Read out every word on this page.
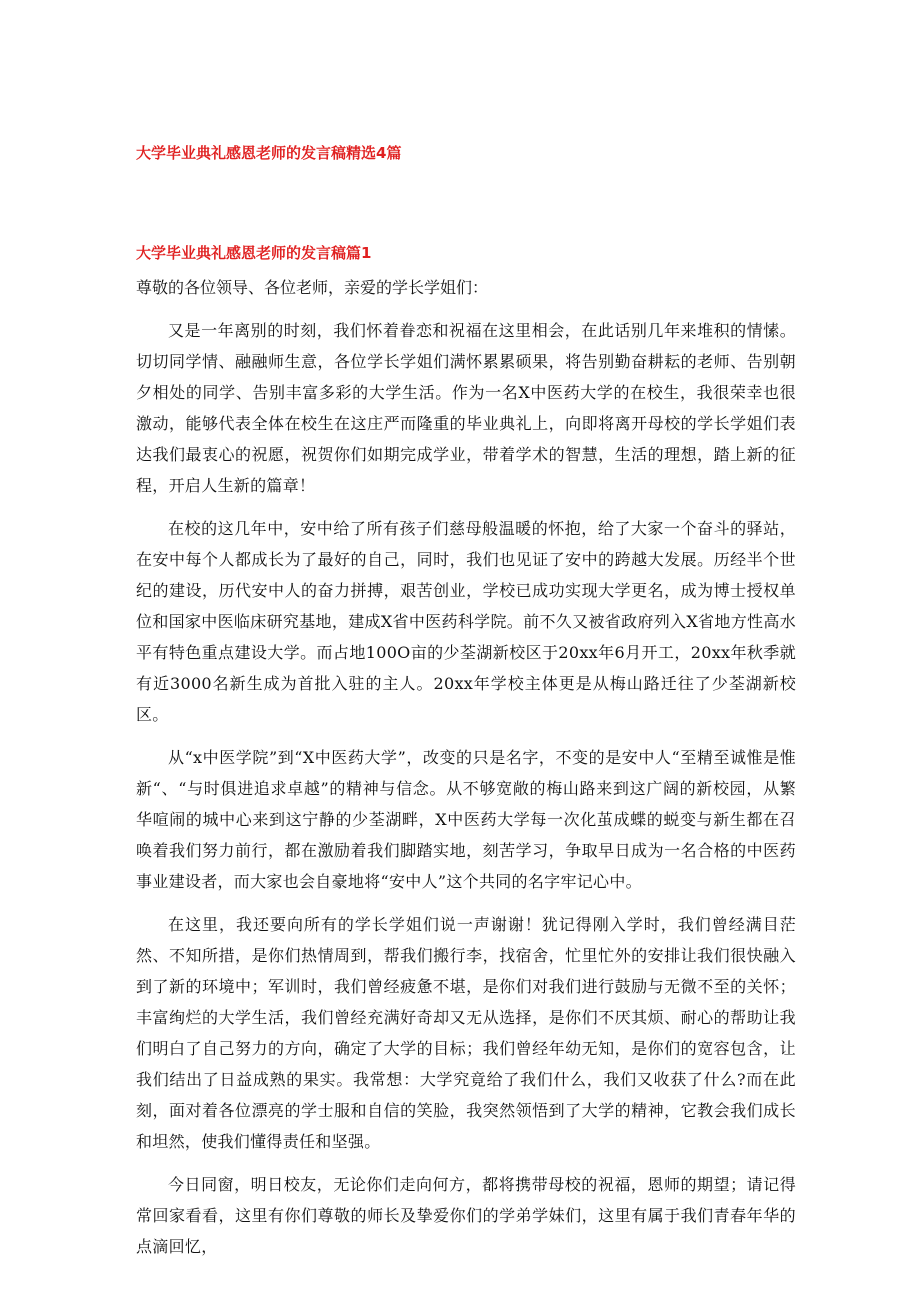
大学毕业典礼感恩老师的发言稿精选4篇
大学毕业典礼感恩老师的发言稿篇1

尊敬的各位领导、各位老师，亲爱的学长学姐们：

又是一年离别的时刻，我们怀着眷恋和祝福在这里相会，在此话别几年来堆积的情愫。切切同学情、融融师生意，各位学长学姐们满怀累累硕果，将告别勤奋耕耘的老师、告别朝夕相处的同学、告别丰富多彩的大学生活。作为一名X中医药大学的在校生，我很荣幸也很激动，能够代表全体在校生在这庄严而隆重的毕业典礼上，向即将离开母校的学长学姐们表达我们最衷心的祝愿，祝贺你们如期完成学业，带着学术的智慧，生活的理想，踏上新的征程，开启人生新的篇章！

在校的这几年中，安中给了所有孩子们慈母般温暖的怀抱，给了大家一个奋斗的驿站，在安中每个人都成长为了最好的自己，同时，我们也见证了安中的跨越大发展。历经半个世纪的建设，历代安中人的奋力拼搏，艰苦创业，学校已成功实现大学更名，成为博士授权单位和国家中医临床研究基地，建成X省中医药科学院。前不久又被省政府列入X省地方性高水平有特色重点建设大学。而占地100O亩的少荃湖新校区于20xx年6月开工，20xx年秋季就有近3000名新生成为首批入驻的主人。20xx年学校主体更是从梅山路迁往了少荃湖新校区。

从“x中医学院”到“X中医药大学”，改变的只是名字，不变的是安中人“至精至诚惟是惟新“、“与时俱进追求卓越”的精神与信念。从不够宽敞的梅山路来到这广阔的新校园，从繁华喧闹的城中心来到这宁静的少荃湖畔，X中医药大学每一次化茧成蝶的蜕变与新生都在召唤着我们努力前行，都在激励着我们脚踏实地，刻苦学习，争取早日成为一名合格的中医药事业建设者，而大家也会自豪地将“安中人”这个共同的名字牢记心中。

在这里，我还要向所有的学长学姐们说一声谢谢！犹记得刚入学时，我们曾经满目茫然、不知所措，是你们热情周到，帮我们搬行李，找宿舍，忙里忙外的安排让我们很快融入到了新的环境中；军训时，我们曾经疲惫不堪，是你们对我们进行鼓励与无微不至的关怀；丰富绚烂的大学生活，我们曾经充满好奇却又无从选择，是你们不厌其烦、耐心的帮助让我们明白了自己努力的方向，确定了大学的目标；我们曾经年幼无知，是你们的宽容包含，让我们结出了日益成熟的果实。我常想：大学究竟给了我们什么，我们又收获了什么?而在此刻，面对着各位漂亮的学士服和自信的笑脸，我突然领悟到了大学的精神，它教会我们成长和坦然，使我们懂得责任和坚强。

今日同窗，明日校友，无论你们走向何方，都将携带母校的祝福，恩师的期望；请记得常回家看看，这里有你们尊敬的师长及挚爱你们的学弟学妹们，这里有属于我们青春年华的点滴回忆，
